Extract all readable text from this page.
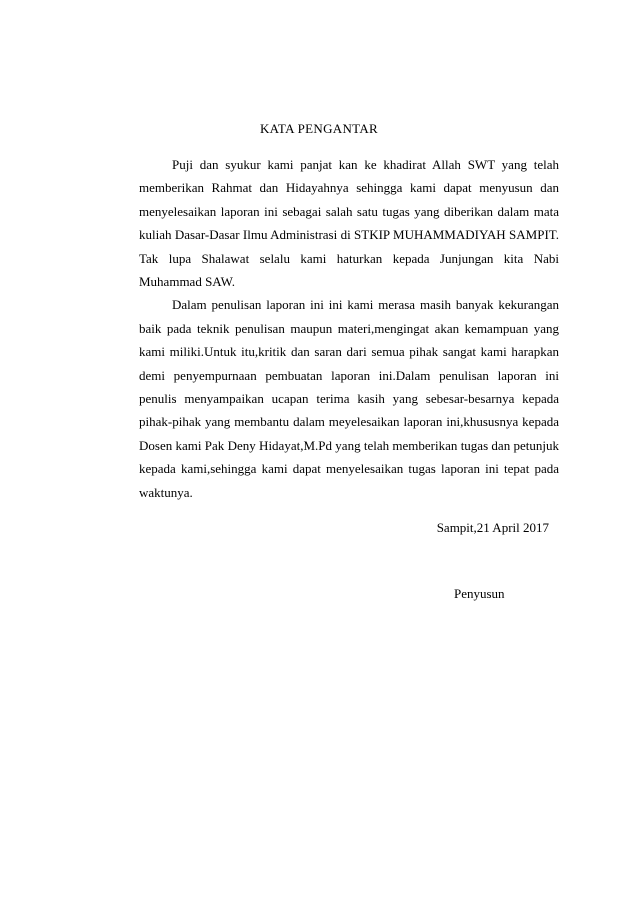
KATA PENGANTAR

Puji dan syukur kami panjat kan ke khadirat Allah SWT yang telah memberikan Rahmat dan Hidayahnya sehingga kami dapat menyusun dan menyelesaikan laporan ini sebagai salah satu tugas yang diberikan dalam mata kuliah Dasar-Dasar Ilmu Administrasi di STKIP MUHAMMADIYAH SAMPIT. Tak lupa Shalawat selalu kami haturkan kepada Junjungan kita Nabi Muhammad SAW.

Dalam penulisan laporan ini ini kami merasa masih banyak kekurangan baik pada teknik penulisan maupun materi,mengingat akan kemampuan yang kami miliki.Untuk itu,kritik dan saran dari semua pihak sangat kami harapkan demi penyempurnaan pembuatan laporan ini.Dalam penulisan laporan ini penulis menyampaikan ucapan terima kasih yang sebesar-besarnya kepada pihak-pihak yang membantu dalam meyelesaikan laporan ini,khususnya kepada Dosen kami Pak Deny Hidayat,M.Pd yang telah memberikan tugas dan petunjuk kepada kami,sehingga kami dapat menyelesaikan tugas laporan ini tepat pada waktunya.

Sampit,21 April 2017
Penyusun
